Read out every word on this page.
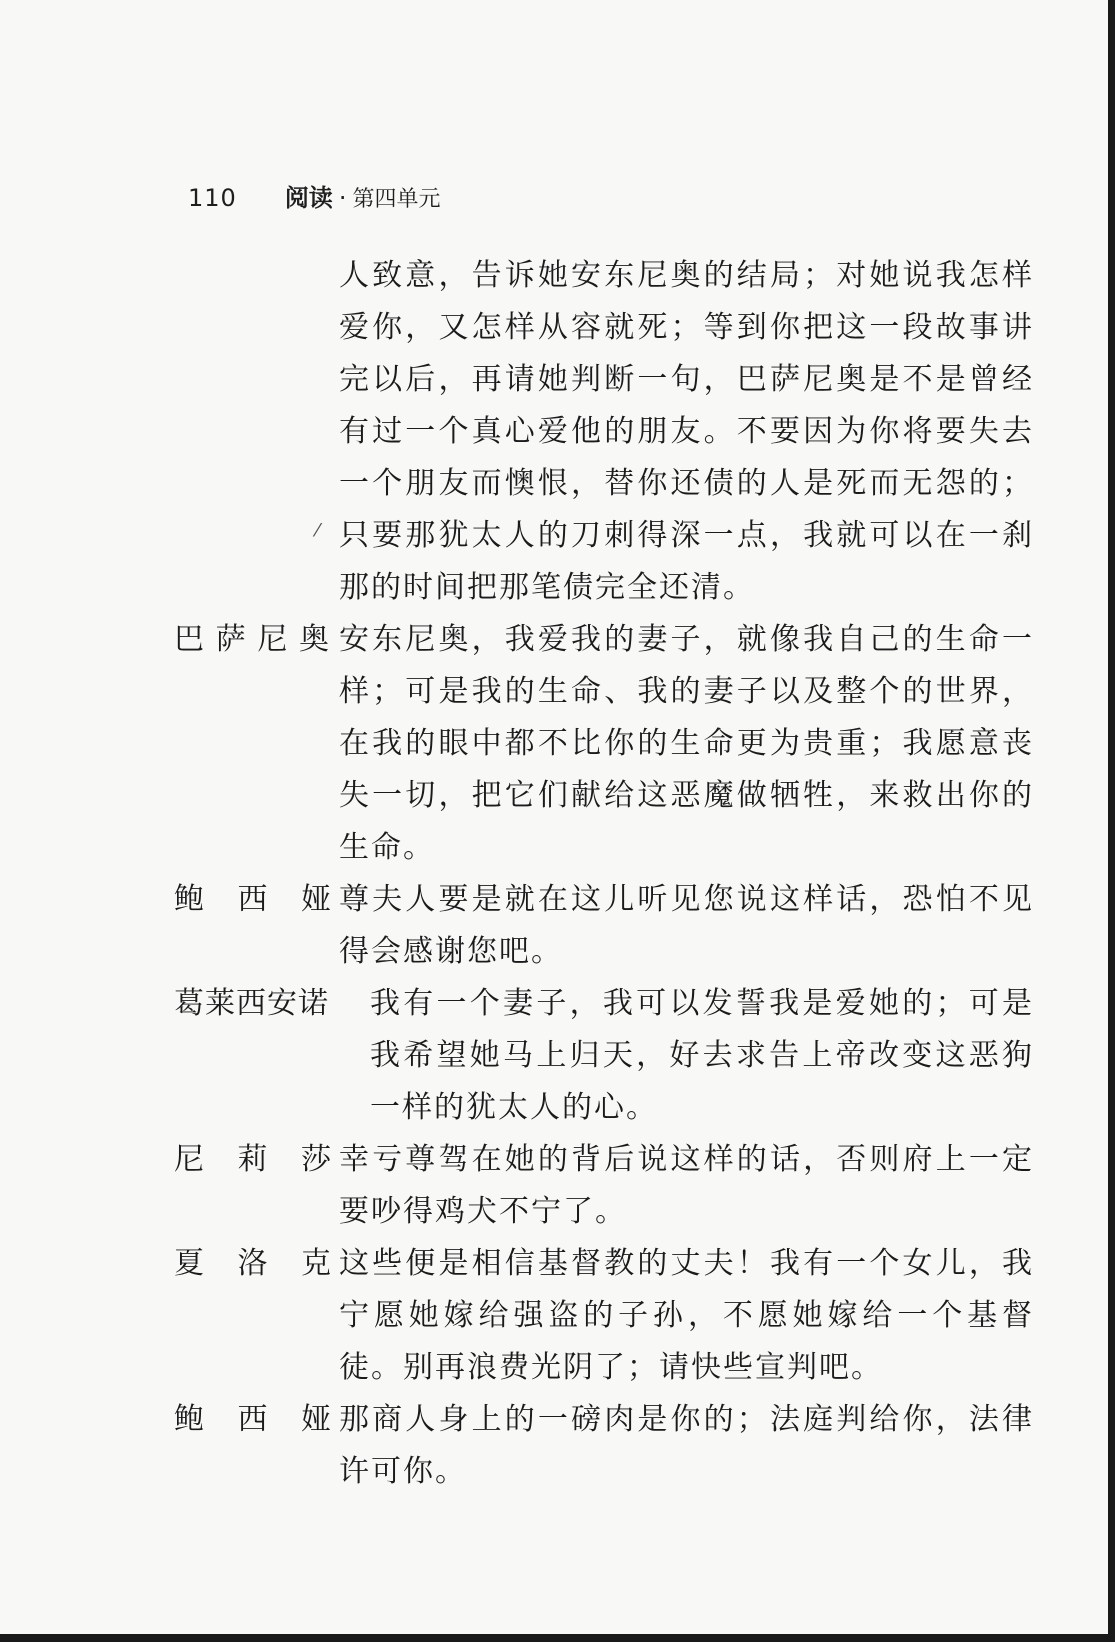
110 阅读 · 第四单元
人致意，告诉她安东尼奥的结局；对她说我怎样爱你，又怎样从容就死；等到你把这一段故事讲完以后，再请她判断一句，巴萨尼奥是不是曾经有过一个真心爱他的朋友。不要因为你将要失去一个朋友而懊恨，替你还债的人是死而无怨的；只要那犹太人的刀刺得深一点，我就可以在一刹那的时间把那笔债完全还清。
巴萨尼奥 安东尼奥，我爱我的妻子，就像我自己的生命一样；可是我的生命、我的妻子以及整个的世界，在我的眼中都不比你的生命更为贵重；我愿意丧失一切，把它们献给这恶魔做牺牲，来救出你的生命。
鲍 西 娅 尊夫人要是就在这儿听见您说这样话，恐怕不见得会感谢您吧。
葛莱西安诺	我有一个妻子，我可以发誓我是爱她的；可是我希望她马上归天，好去求告上帝改变这恶狗一样的犹太人的心。
尼 莉 莎 幸亏尊驾在她的背后说这样的话，否则府上一定要吵得鸡犬不宁了。
夏 洛 克 这些便是相信基督教的丈夫！我有一个女儿，我宁愿她嫁给强盗的子孙，不愿她嫁给一个基督徒。别再浪费光阴了；请快些宣判吧。
鲍 西 娅 那商人身上的一磅肉是你的；法庭判给你，法律许可你。
⁄
